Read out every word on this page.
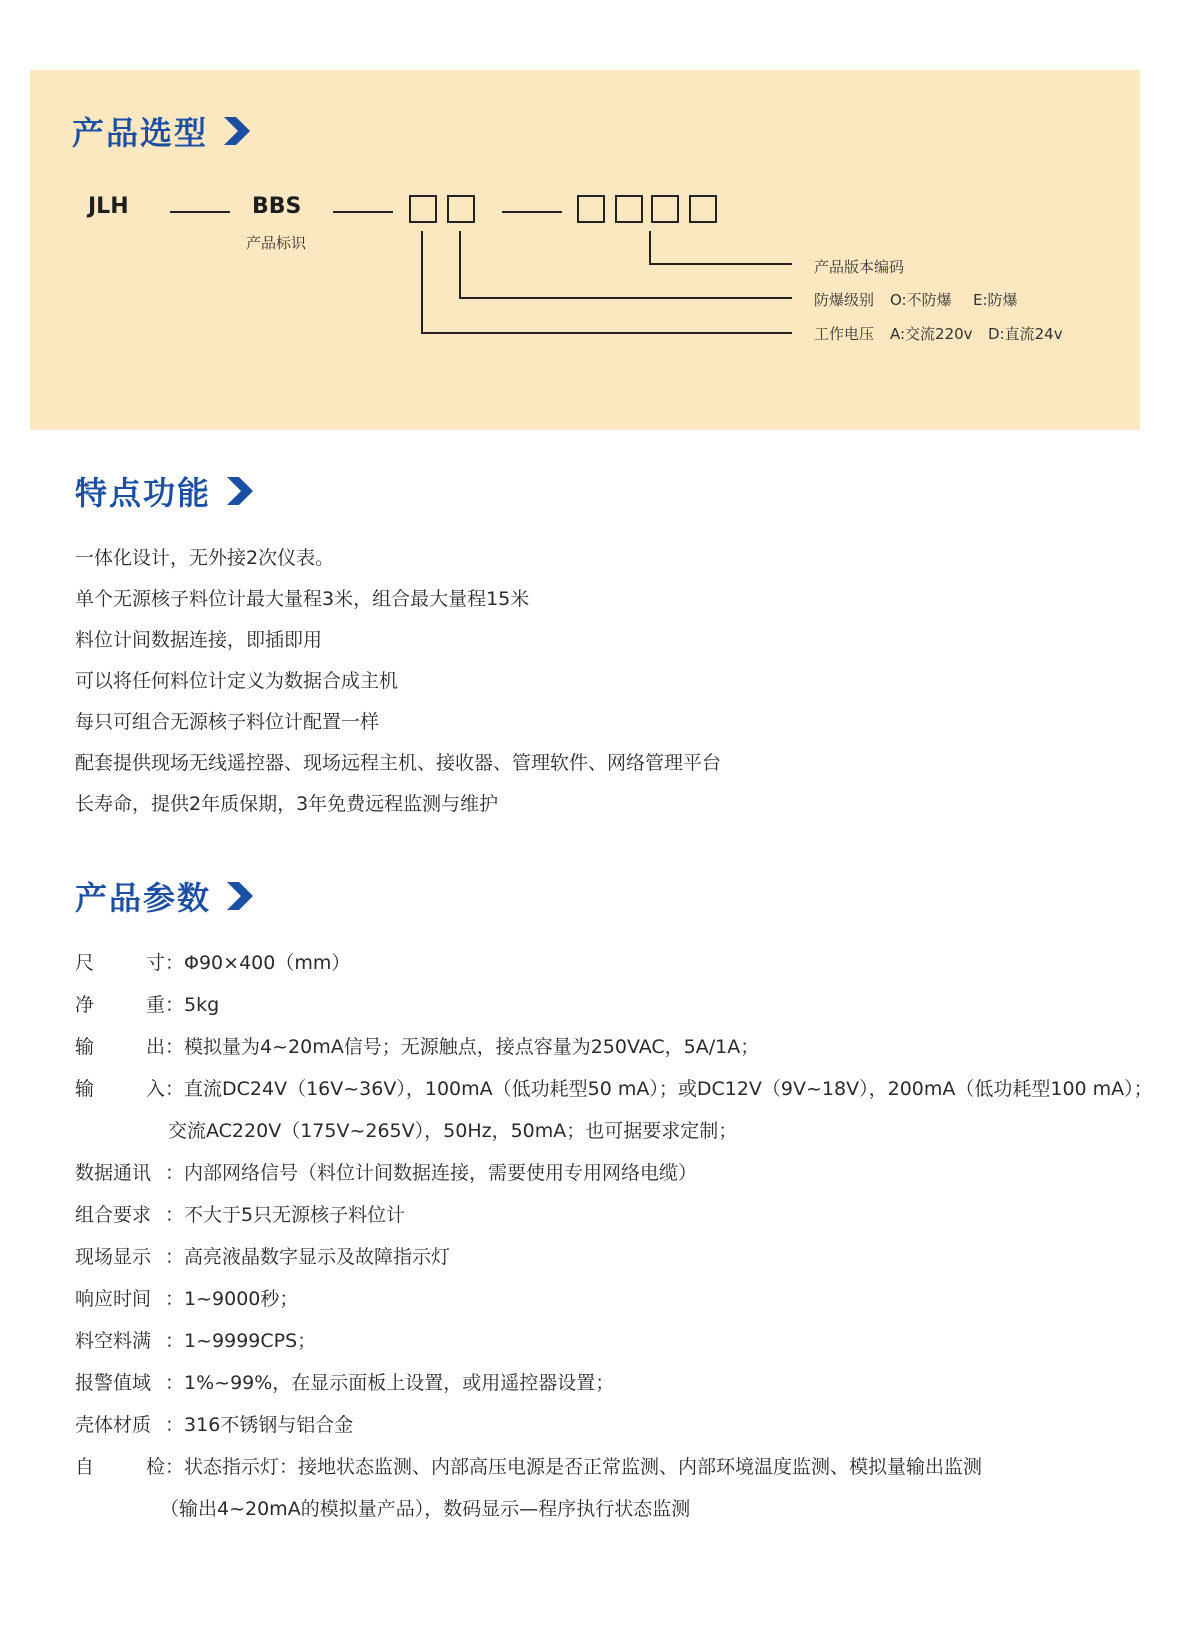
产品选型
JLH	BBS
产品标识
产品版本编码
防爆级别 O:不防爆 E:防爆
工作电压 A:交流220v D:直流24v
特点功能
一体化设计，无外接2次仪表。
单个无源核子料位计最大量程3米，组合最大量程15米
料位计间数据连接，即插即用
可以将任何料位计定义为数据合成主机
每只可组合无源核子料位计配置一样
配套提供现场无线遥控器、现场远程主机、接收器、管理软件、网络管理平台
长寿命，提供2年质保期，3年免费远程监测与维护
产品参数
尺寸 ：Φ90×400（mm）
净重 ：5kg
输出 ：模拟量为4~20mA信号；无源触点，接点容量为250VAC，5A/1A；
输入 ：直流DC24V（16V~36V），100mA（低功耗型50 mA）；或DC12V（9V~18V），200mA（低功耗型100 mA）；
交流AC220V（175V~265V），50Hz，50mA；也可据要求定制；
数据通讯 ：内部网络信号（料位计间数据连接，需要使用专用网络电缆）
组合要求 ：不大于5只无源核子料位计
现场显示 ：高亮液晶数字显示及故障指示灯
响应时间 ：1~9000秒；
料空料满 ：1~9999CPS；
报警值域 ：1%~99%，在显示面板上设置，或用遥控器设置；
壳体材质 ：316不锈钢与铝合金
自检 ：状态指示灯：接地状态监测、内部高压电源是否正常监测、内部环境温度监测、模拟量输出监测
（输出4~20mA的模拟量产品），数码显示—程序执行状态监测
